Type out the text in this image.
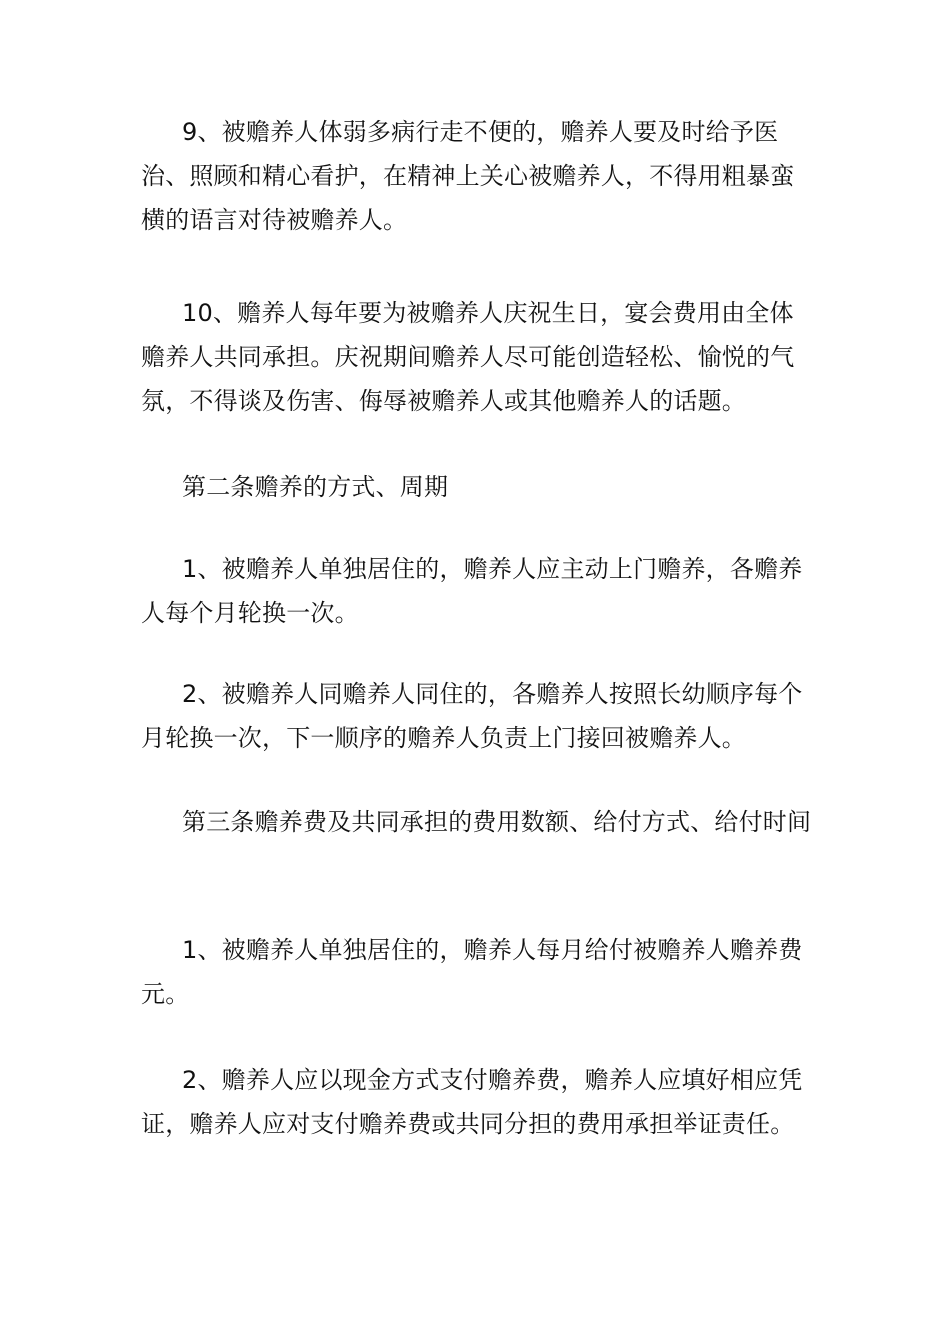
9、被赡养人体弱多病行走不便的，赡养人要及时给予医治、照顾和精心看护，在精神上关心被赡养人，不得用粗暴蛮横的语言对待被赡养人。

10、赡养人每年要为被赡养人庆祝生日，宴会费用由全体赡养人共同承担。庆祝期间赡养人尽可能创造轻松、愉悦的气氛，不得谈及伤害、侮辱被赡养人或其他赡养人的话题。

第二条赡养的方式、周期

1、被赡养人单独居住的，赡养人应主动上门赡养，各赡养人每个月轮换一次。

2、被赡养人同赡养人同住的，各赡养人按照长幼顺序每个月轮换一次，下一顺序的赡养人负责上门接回被赡养人。

第三条赡养费及共同承担的费用数额、给付方式、给付时间

1、被赡养人单独居住的，赡养人每月给付被赡养人赡养费元。

2、赡养人应以现金方式支付赡养费，赡养人应填好相应凭证，赡养人应对支付赡养费或共同分担的费用承担举证责任。
